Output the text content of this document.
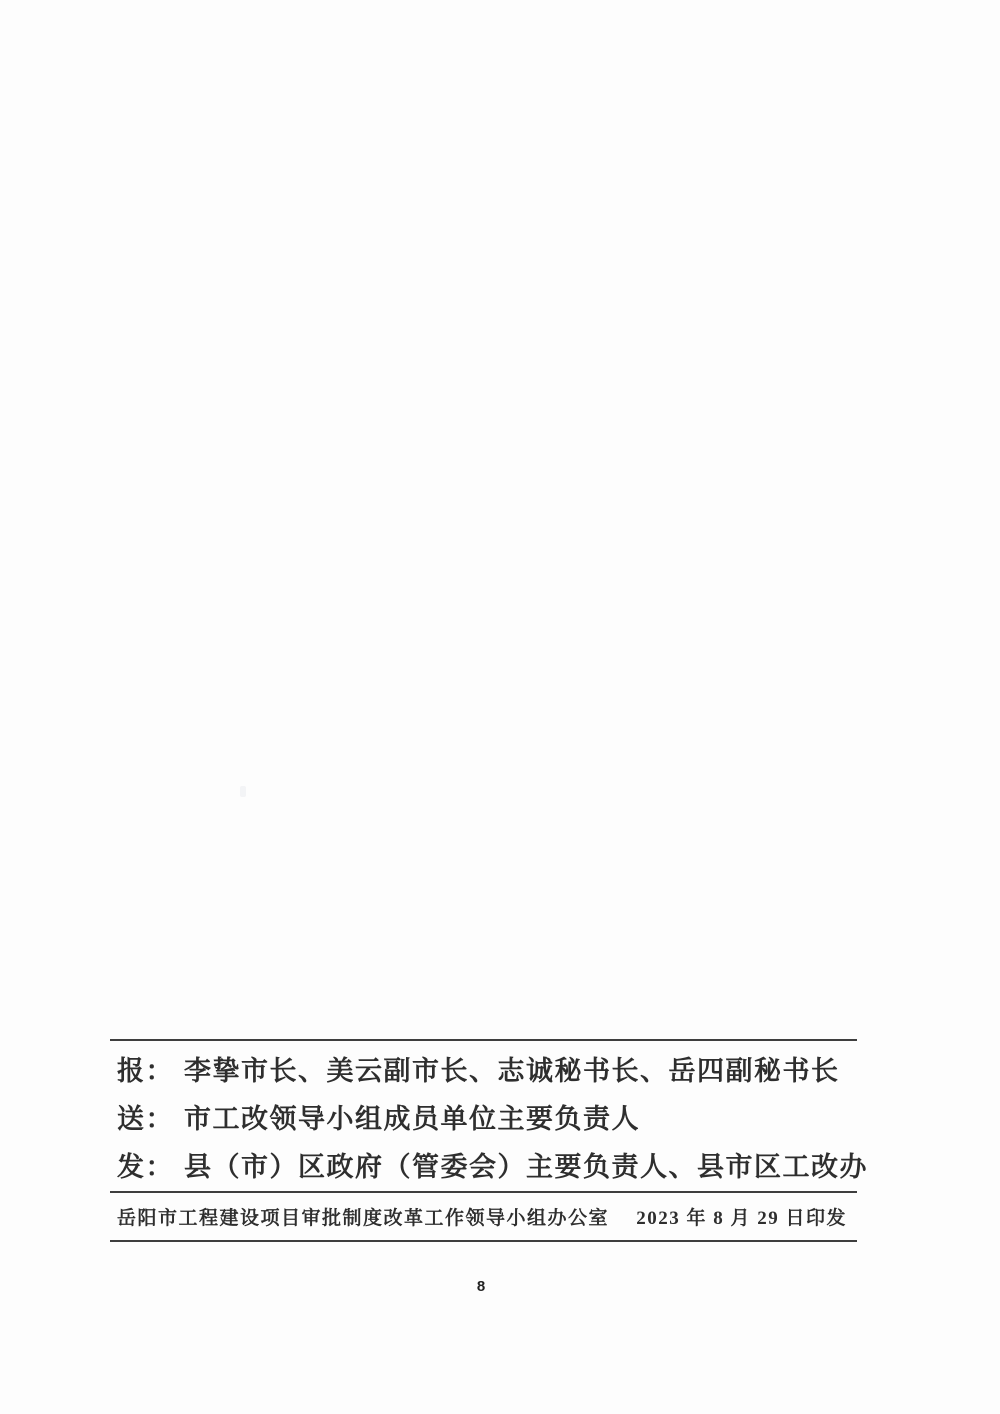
报： 李挚市长、美云副市长、志诚秘书长、岳四副秘书长
送： 市工改领导小组成员单位主要负责人
发： 县（市）区政府（管委会）主要负责人、县市区工改办
岳阳市工程建设项目审批制度改革工作领导小组办公室 2023 年 8 月 29 日印发
8
